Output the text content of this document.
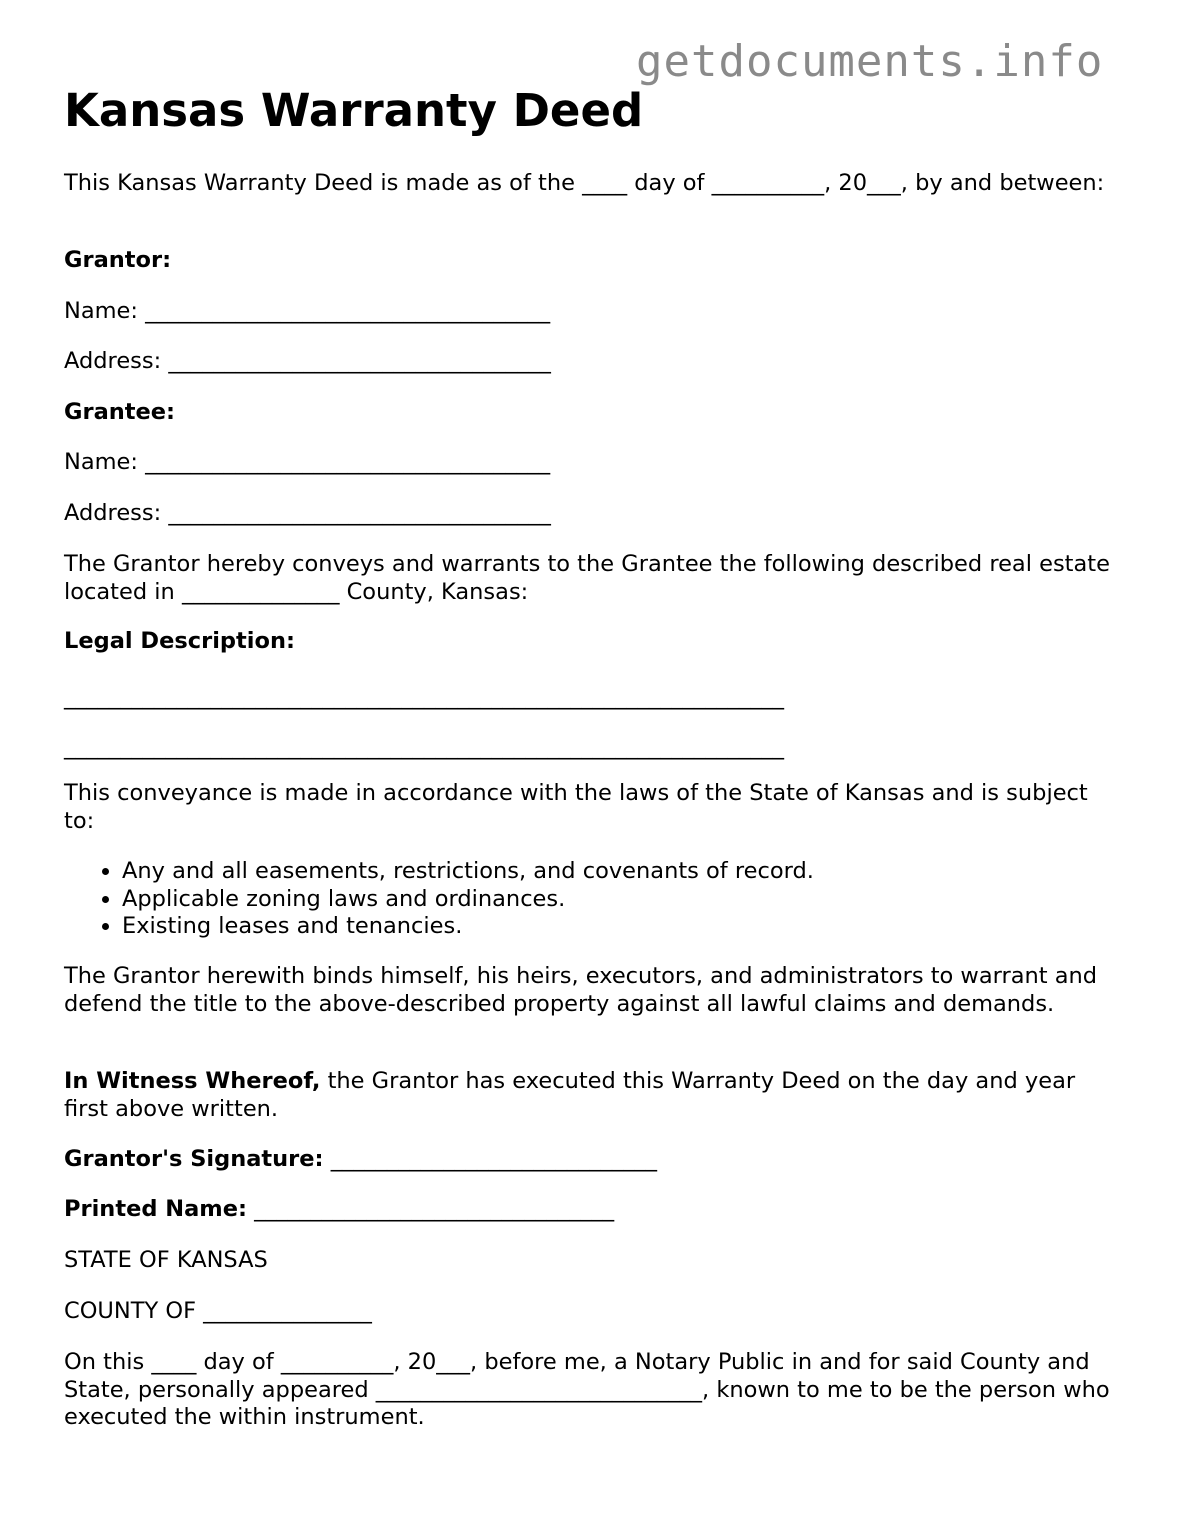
getdocuments.info
Kansas Warranty Deed
This Kansas Warranty Deed is made as of the ____ day of __________, 20___, by and between:
Grantor:
Name: ____________________________________
Address: __________________________________
Grantee:
Name: ____________________________________
Address: __________________________________
The Grantor hereby conveys and warrants to the Grantee the following described real estate located in ______________ County, Kansas:
Legal Description:
________________________________________________________________
________________________________________________________________
This conveyance is made in accordance with the laws of the State of Kansas and is subject to:
• Any and all easements, restrictions, and covenants of record.
• Applicable zoning laws and ordinances.
• Existing leases and tenancies.
The Grantor herewith binds himself, his heirs, executors, and administrators to warrant and defend the title to the above-described property against all lawful claims and demands.
In Witness Whereof, the Grantor has executed this Warranty Deed on the day and year first above written.
Grantor's Signature: _____________________________
Printed Name: ________________________________
STATE OF KANSAS
COUNTY OF _______________
On this ____ day of __________, 20___, before me, a Notary Public in and for said County and State, personally appeared _____________________________, known to me to be the person who executed the within instrument.
